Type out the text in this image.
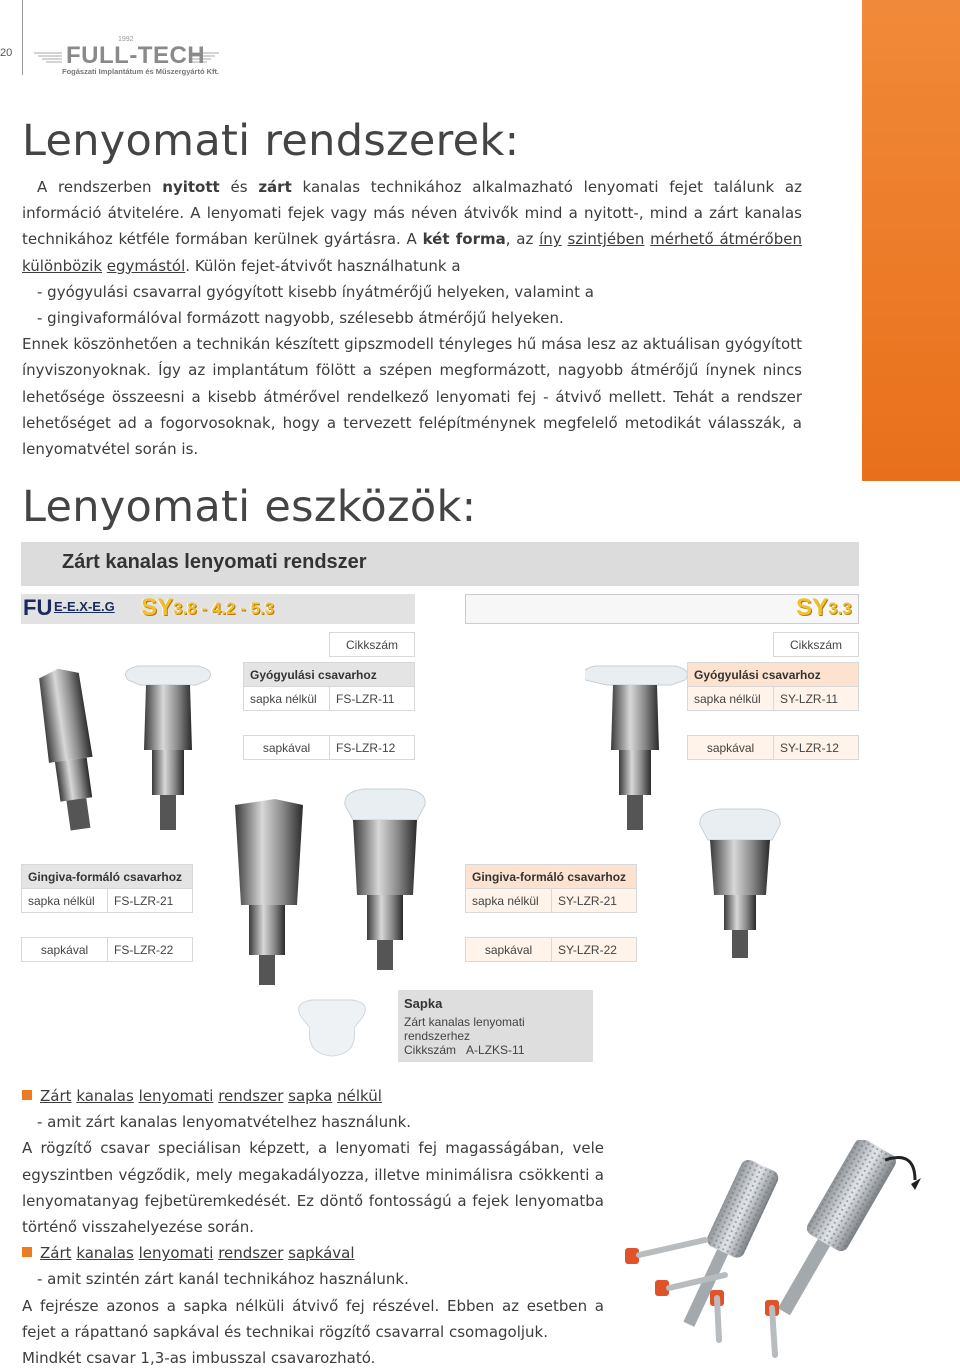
20
1992
FULL-TECH
Fogászati Implantátum és Műszergyártó Kft.
Lenyomati rendszerek:

A rendszerben nyitott és zárt kanalas technikához alkalmazható lenyomati fejet találunk az információ átvitelére. A lenyomati fejek vagy más néven átvivők mind a nyitott-, mind a zárt kanalas technikához kétféle formában kerülnek gyártásra. A két forma, az íny szintjében mérhető átmérőben különbözik egymástól. Külön fejet-átvivőt használhatunk a

- gyógyulási csavarral gyógyított kisebb ínyátmérőjű helyeken, valamint a

- gingivaformálóval formázott nagyobb, szélesebb átmérőjű helyeken.

Ennek köszönhetően a technikán készített gipszmodell tényleges hű mása lesz az aktuálisan gyógyított ínyviszonyoknak. Így az implantátum fölött a szépen megformázott, nagyobb átmérőjű ínynek nincs lehetősége összeesni a kisebb átmérővel rendelkező lenyomati fej - átvivő mellett. Tehát a rendszer lehetőséget ad a fogorvosoknak, hogy a tervezett felépítménynek megfelelő metodikát válasszák, a lenyomatvétel során is.

Lenyomati eszközök:
Zárt kanalas lenyomati rendszer
FU E-E.X-E.G SY 3.8 - 4.2 - 5.3	SY 3.3
	Cikkszám

Gyógyulási csavarhoz	
sapka nélkül	FS-LZR-11

sapkával	FS-LZR-12
	Cikkszám

Gyógyulási csavarhoz	
sapka nélkül	SY-LZR-11

sapkával	SY-LZR-12
Gingiva-formáló csavarhoz	
sapka nélkül	FS-LZR-21

sapkával	FS-LZR-22
Gingiva-formáló csavarhoz	
sapka nélkül	SY-LZR-21

sapkával	SY-LZR-22
Sapka
Zárt kanalas lenyomati rendszerhez
Cikkszám A-LZKS-11

Zárt kanalas lenyomati rendszer sapka nélkül

- amit zárt kanalas lenyomatvételhez használunk.

A rögzítő csavar speciálisan képzett, a lenyomati fej magasságában, vele egyszintben végződik, mely megakadályozza, illetve minimálisra csökkenti a lenyomatanyag fejbetüremkedését. Ez döntő fontosságú a fejek lenyomatba történő visszahelyezése során.

Zárt kanalas lenyomati rendszer sapkával

- amit szintén zárt kanál technikához használunk.

A fejrésze azonos a sapka nélküli átvivő fej részével. Ebben az esetben a fejet a rápattanó sapkával és technikai rögzítő csavarral csomagoljuk.

Mindkét csavar 1,3-as imbusszal csavarozható.
